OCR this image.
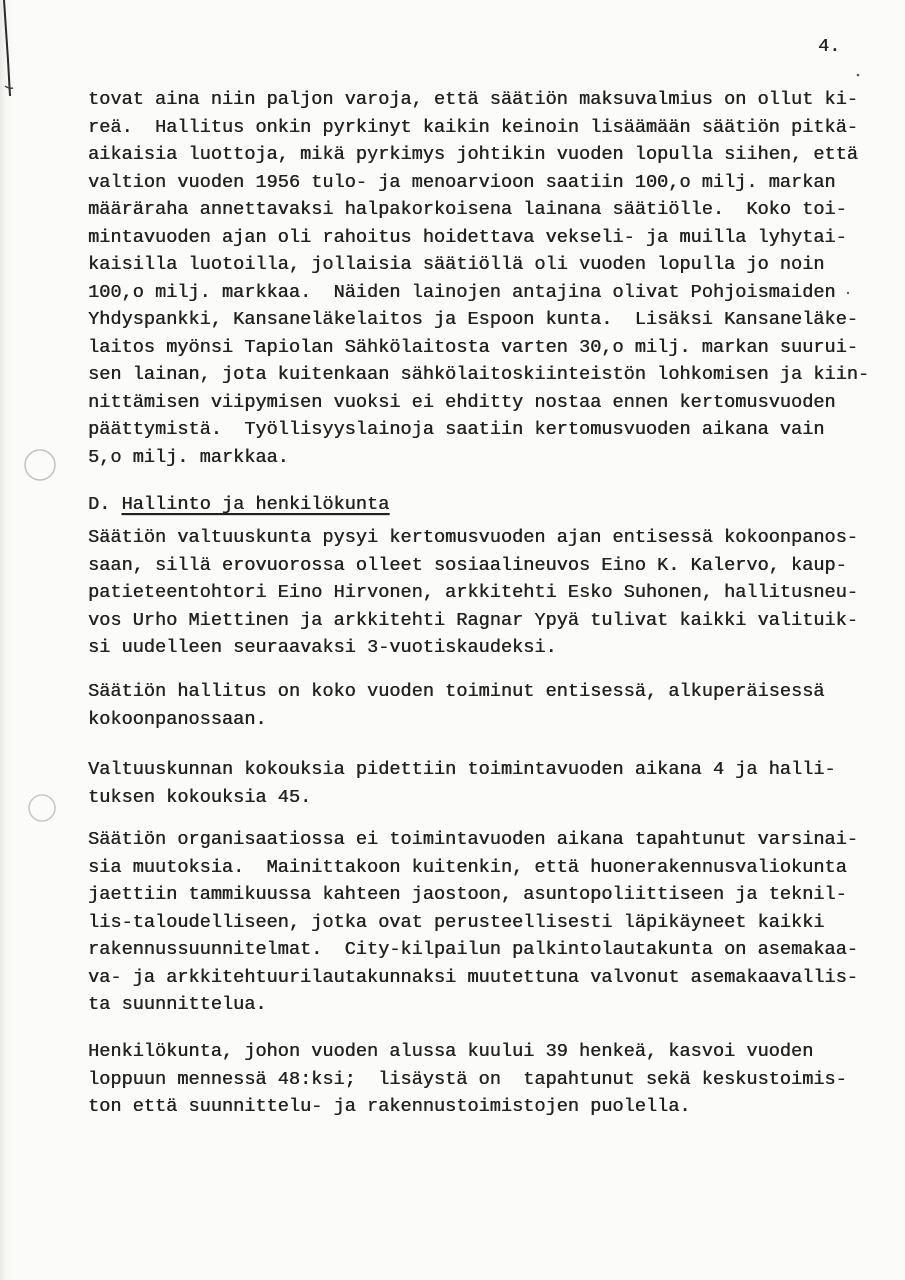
4.
tovat aina niin paljon varoja, että säätiön maksuvalmius on ollut ki-
reä.  Hallitus onkin pyrkinyt kaikin keinoin lisäämään säätiön pitkä-
aikaisia luottoja, mikä pyrkimys johtikin vuoden lopulla siihen, että
valtion vuoden 1956 tulo- ja menoarvioon saatiin 100,o milj. markan
määräraha annettavaksi halpakorkoisena lainana säätiölle.  Koko toi-
mintavuoden ajan oli rahoitus hoidettava vekseli- ja muilla lyhytai-
kaisilla luotoilla, jollaisia säätiöllä oli vuoden lopulla jo noin
100,o milj. markkaa.  Näiden lainojen antajina olivat Pohjoismaiden
Yhdyspankki, Kansaneläkelaitos ja Espoon kunta.  Lisäksi Kansaneläke-
laitos myönsi Tapiolan Sähkölaitosta varten 30,o milj. markan suurui-
sen lainan, jota kuitenkaan sähkölaitoskiinteistön lohkomisen ja kiin-
nittämisen viipymisen vuoksi ei ehditty nostaa ennen kertomusvuoden
päättymistä.  Työllisyyslainoja saatiin kertomusvuoden aikana vain
5,o milj. markkaa.
D. Hallinto ja henkilökunta
Säätiön valtuuskunta pysyi kertomusvuoden ajan entisessä kokoonpanos-
saan, sillä erovuorossa olleet sosiaalineuvos Eino K. Kalervo, kaup-
patieteentohtori Eino Hirvonen, arkkitehti Esko Suhonen, hallitusneu-
vos Urho Miettinen ja arkkitehti Ragnar Ypyä tulivat kaikki valituik-
si uudelleen seuraavaksi 3-vuotiskaudeksi.
Säätiön hallitus on koko vuoden toiminut entisessä, alkuperäisessä
kokoonpanossaan.
Valtuuskunnan kokouksia pidettiin toimintavuoden aikana 4 ja halli-
tuksen kokouksia 45.
Säätiön organisaatiossa ei toimintavuoden aikana tapahtunut varsinai-
sia muutoksia.  Mainittakoon kuitenkin, että huonerakennusvaliokunta
jaettiin tammikuussa kahteen jaostoon, asuntopoliittiseen ja teknil-
lis-taloudelliseen, jotka ovat perusteellisesti läpikäyneet kaikki
rakennussuunnitelmat.  City-kilpailun palkintolautakunta on asemakaa-
va- ja arkkitehtuurilautakunnaksi muutettuna valvonut asemakaavallis-
ta suunnittelua.
Henkilökunta, johon vuoden alussa kuului 39 henkeä, kasvoi vuoden
loppuun mennessä 48:ksi;  lisäystä on  tapahtunut sekä keskustoimis-
ton että suunnittelu- ja rakennustoimistojen puolella.
